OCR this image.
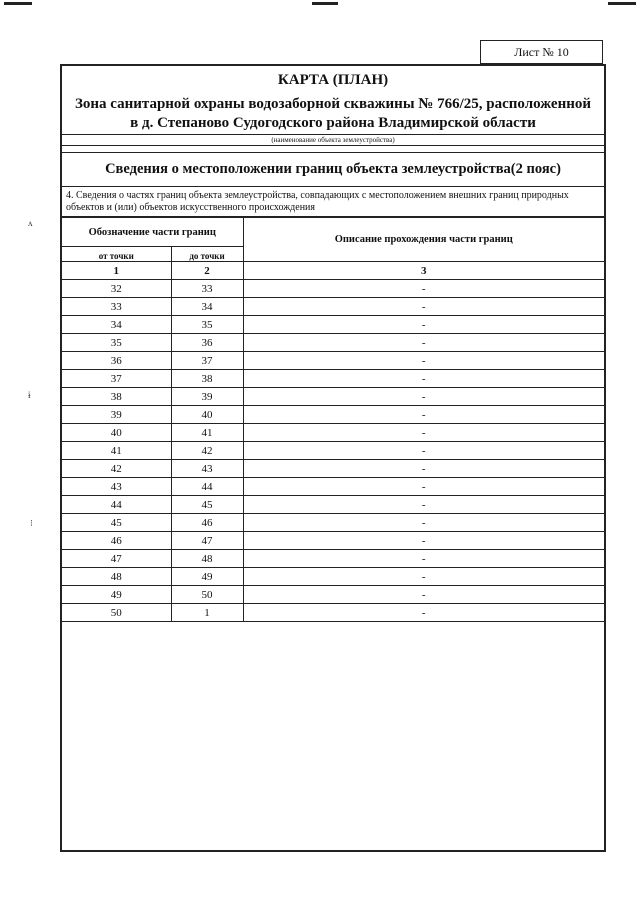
ᴧ
ɨ
⁝
Лист № 10
КАРТА (ПЛАН)
Зона санитарной охраны водозаборной скважины № 766/25, расположенной в д. Степаново Судогодского района Владимирской области
(наименование объекта землеустройства)
Сведения о местоположении границ объекта землеустройства(2 пояс)
4. Сведения о частях границ объекта землеустройства, совпадающих с местоположением внешних границ природных объектов и (или) объектов искусственного происхождения
Обозначение части границ		Описание прохождения части границ
от точки	до точки	
1	2	3
32	33	-
33	34	-
34	35	-
35	36	-
36	37	-
37	38	-
38	39	-
39	40	-
40	41	-
41	42	-
42	43	-
43	44	-
44	45	-
45	46	-
46	47	-
47	48	-
48	49	-
49	50	-
50	1	-
